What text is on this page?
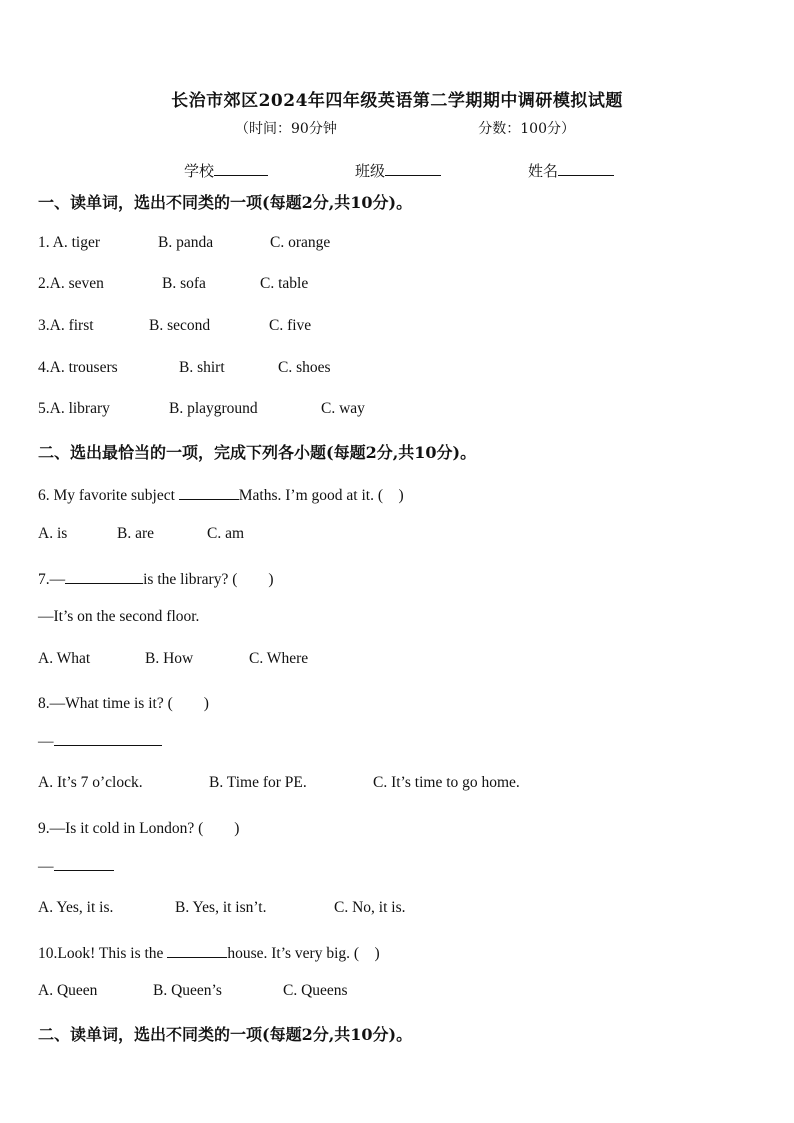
长治市郊区2024年四年级英语第二学期期中调研模拟试题
（时间：90分钟	分数：100分）
学校	班级	姓名
一、读单词，选出不同类的一项(每题2分,共10分)。
1. A. tiger	B. panda	C. orange
2.A. seven	B. sofa	C. table
3.A. first	B. second	C. five
4.A. trousers	B. shirt	C. shoes
5.A. library	B. playground	C. way
二、选出最恰当的一项，完成下列各小题(每题2分,共10分)。
6. My favorite subject	Maths. I’m good at it. (　)
A. is	B. are	C. am
7.—	is the library? (　　)
—It’s on the second floor.
A. What	B. How	C. Where
8.—What time is it? (　　)
—
A. It’s 7 o’clock.	B. Time for PE.	C. It’s time to go home.
9.—Is it cold in London? (　　)
—
A. Yes, it is.	B. Yes, it isn’t.	C. No, it is.
10.Look! This is the	house. It’s very big. (　)
A. Queen	B. Queen’s	C. Queens
二、读单词，选出不同类的一项(每题2分,共10分)。
